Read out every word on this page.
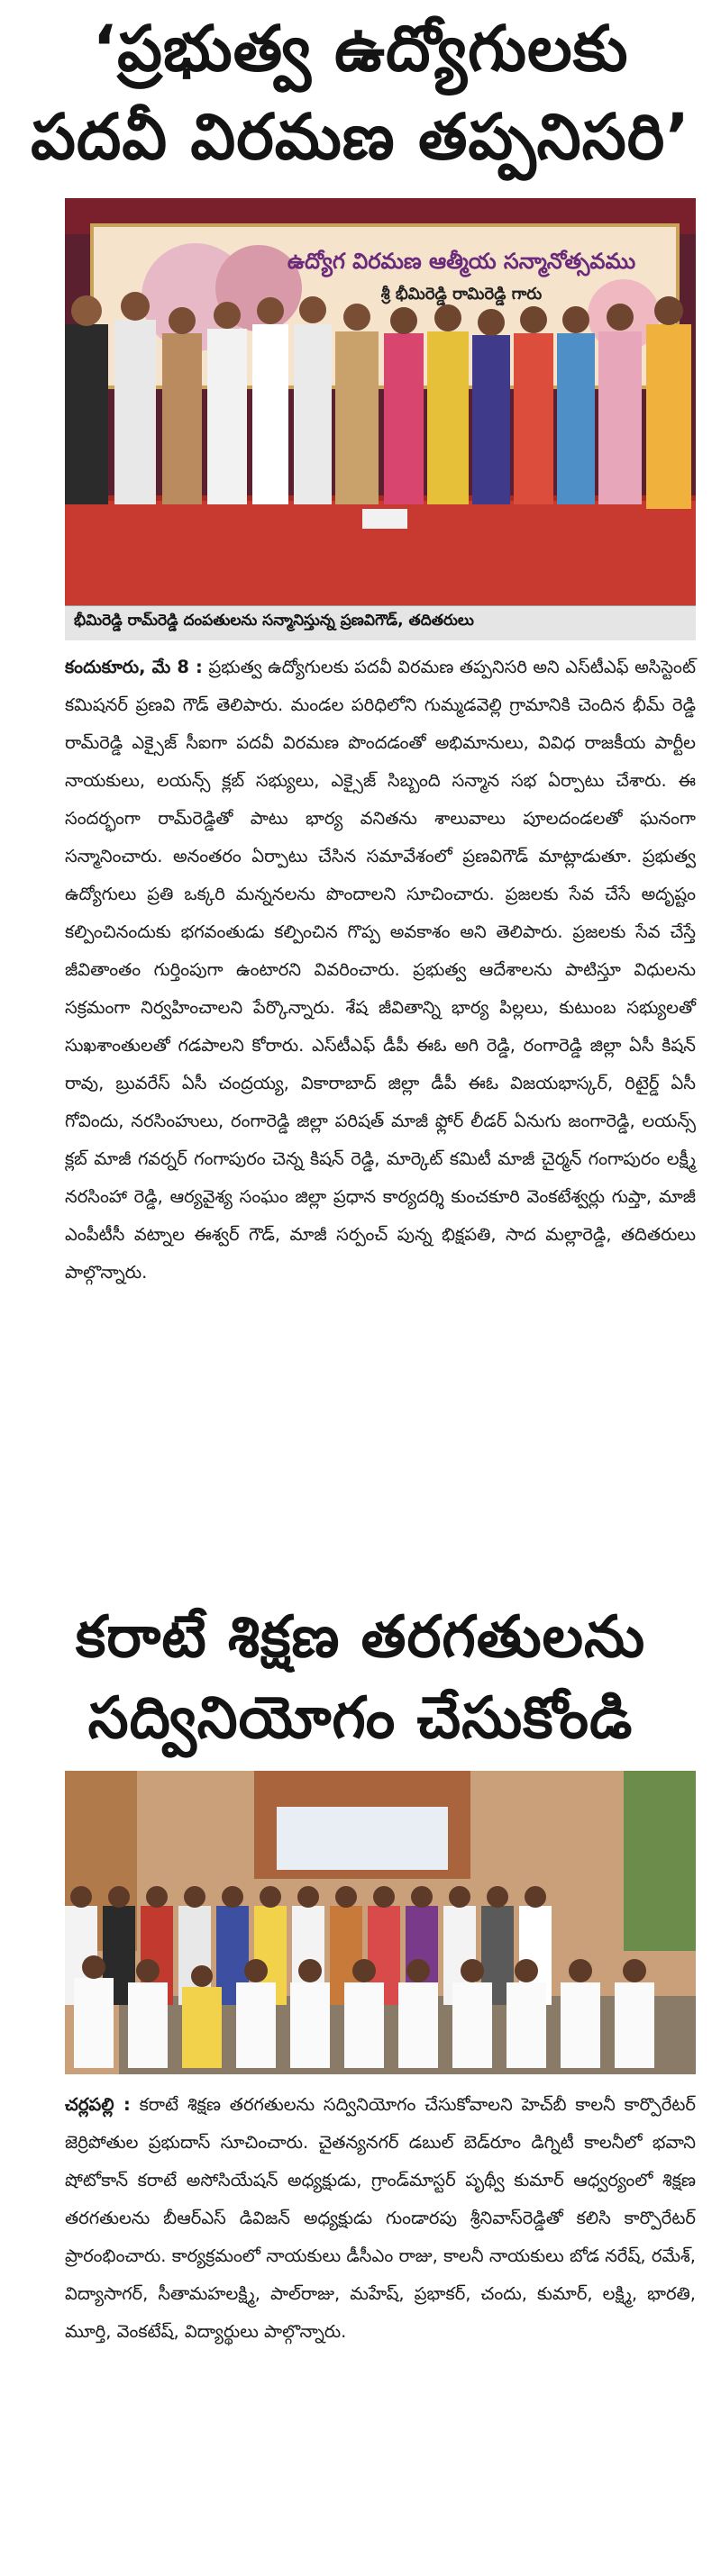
‘ప్రభుత్వ ఉద్యోగులకు
పదవీ విరమణ తప్పనిసరి’
ఉద్యోగ విరమణ ఆత్మీయ సన్మానోత్సవము
శ్రీ భీమిరెడ్డి రామిరెడ్డి గారు
భీమిరెడ్డి రామ్‌రెడ్డి దంపతులను సన్మానిస్తున్న ప్రణవిగౌడ్‌, తదితరులు

కందుకూరు, మే 8 : ప్రభుత్వ ఉద్యోగులకు పదవీ విరమణ తప్పనిసరి అని ఎస్‌టీఎఫ్ అసిస్టెంట్ కమిషనర్ ప్రణవి గౌడ్ తెలిపారు. మండల పరిధిలోని గుమ్మడవెల్లి గ్రామానికి చెందిన భీమ్ రెడ్డి రామ్‌రెడ్డి ఎక్సైజ్ సీఐగా పదవీ విరమణ పొందడంతో అభిమానులు, వివిధ రాజకీయ పార్టీల నాయకులు, లయన్స్ క్లబ్ సభ్యులు, ఎక్సైజ్ సిబ్బంది సన్మాన సభ ఏర్పాటు చేశారు. ఈ సందర్భంగా రామ్‌రెడ్డితో పాటు భార్య వనితను శాలువాలు పూలదండలతో ఘనంగా సన్మానించారు. అనంతరం ఏర్పాటు చేసిన సమావేశంలో ప్రణవిగౌడ్ మాట్లాడుతూ. ప్రభుత్వ ఉద్యోగులు ప్రతి ఒక్కరి మన్ననలను పొందాలని సూచించారు. ప్రజలకు సేవ చేసే అదృష్టం కల్పించినందుకు భగవంతుడు కల్పించిన గొప్ప అవకాశం అని తెలిపారు. ప్రజలకు సేవ చేస్తే జీవితాంతం గుర్తింపుగా ఉంటారని వివరించారు. ప్రభుత్వ ఆదేశాలను పాటిస్తూ విధులను సక్రమంగా నిర్వహించాలని పేర్కొన్నారు. శేష జీవితాన్ని భార్య పిల్లలు, కుటుంబ సభ్యులతో సుఖశాంతులతో గడపాలని కోరారు. ఎస్‌టీఎఫ్ డీపీ ఈఓ అగి రెడ్డి, రంగారెడ్డి జిల్లా ఏసీ కిషన్ రావు, బ్రువరేస్ ఏసీ చంద్రయ్య, వికారాబాద్ జిల్లా డీపీ ఈఓ విజయభాస్కర్, రిటైర్డ్ ఏసీ గోవిందు, నరసింహులు, రంగారెడ్డి జిల్లా పరిషత్ మాజీ ఫ్లోర్ లీడర్ ఏనుగు జంగారెడ్డి, లయన్స్ క్లబ్ మాజీ గవర్నర్ గంగాపురం చెన్న కిషన్ రెడ్డి, మార్కెట్ కమిటీ మాజీ చైర్మన్ గంగాపురం లక్ష్మీ నరసింహా రెడ్డి, ఆర్యవైశ్య సంఘం జిల్లా ప్రధాన కార్యదర్శి కుంచకూరి వెంకటేశ్వర్లు గుప్తా, మాజీ ఎంపీటీసీ వట్నాల ఈశ్వర్ గౌడ్, మాజీ సర్పంచ్ పున్న భిక్షపతి, సాద మల్లారెడ్డి, తదితరులు పాల్గొన్నారు.

కరాటే శిక్షణ తరగతులను
సద్వినియోగం చేసుకోండి

చర్లపల్లి : కరాటే శిక్షణ తరగతులను సద్వినియోగం చేసుకోవాలని హెచ్‌బీ కాలనీ కార్పొరేటర్ జెర్రిపోతుల ప్రభుదాస్ సూచించారు. చైతన్యనగర్ డబుల్ బెడ్‌రూం డిగ్నిటీ కాలనీలో భవాని షోటోకాన్ కరాటే అసోసియేషన్ అధ్యక్షుడు, గ్రాండ్‌మాస్టర్ పృథ్వీ కుమార్ ఆధ్వర్యంలో శిక్షణ తరగతులను బీఆర్ఎస్ డివిజన్ అధ్యక్షుడు గుండారపు శ్రీనివాస్‌రెడ్డితో కలిసి కార్పొరేటర్ ప్రారంభించారు. కార్యక్రమంలో నాయకులు డీసీఎం రాజు, కాలనీ నాయకులు బోడ నరేష్, రమేశ్, విద్యాసాగర్, సీతామహలక్ష్మి, పాల్‌రాజు, మహేష్, ప్రభాకర్, చందు, కుమార్, లక్ష్మి, భారతి, మూర్తి, వెంకటేష్, విద్యార్థులు పాల్గొన్నారు.
